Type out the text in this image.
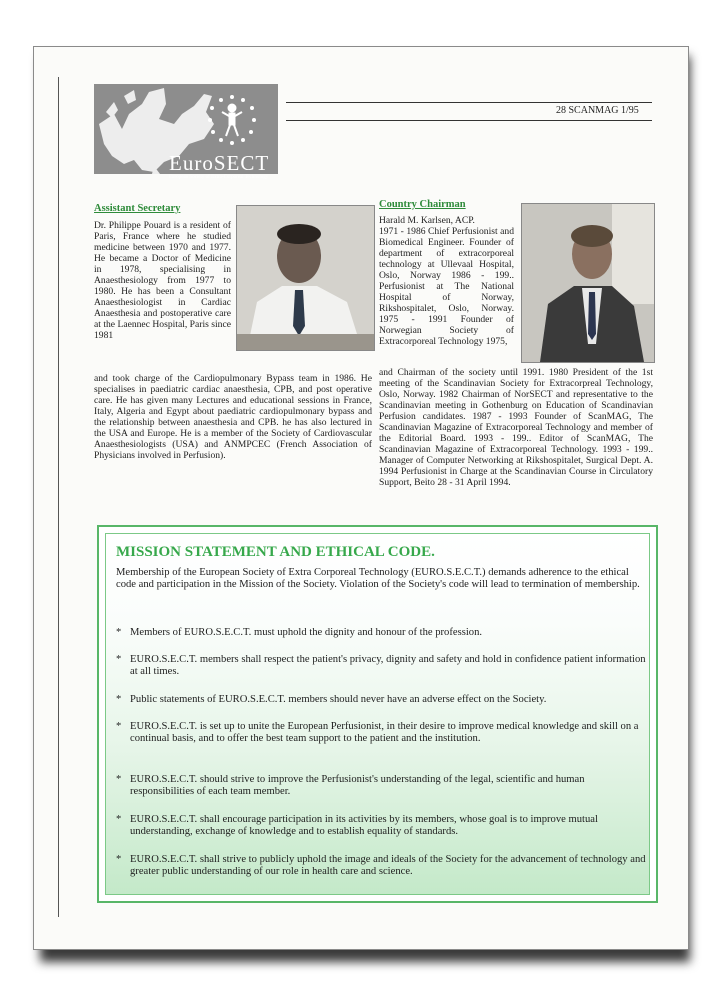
EuroSECT
European Society of Extra-Corporeal Technology
28 SCANMAG 1/95
Assistant Secretary

Dr. Philippe Pouard is a resident of Paris, France where he studied medicine between 1970 and 1977. He became a Doctor of Medicine in 1978, specialising in Anaesthesiology from 1977 to 1980. He has been a Consultant Anaesthesiologist in Cardiac Anaesthesia and postoperative care at the Laennec Hospital, Paris since 1981

and took charge of the Cardiopulmonary Bypass team in 1986. He specialises in paediatric cardiac anaesthesia, CPB, and post operative care. He has given many Lectures and educational sessions in France, Italy, Algeria and Egypt about paediatric cardiopulmonary bypass and the relationship between anaesthesia and CPB. he has also lectured in the USA and Europe. He is a member of the Society of Cardiovascular Anaesthesiologists (USA) and ANMPCEC (French Association of Physicians involved in Perfusion).

Country Chairman

Harald M. Karlsen, ACP.

1971 - 1986 Chief Perfusionist and Biomedical Engineer. Founder of department of extracorporeal technology at Ullevaal Hospital, Oslo, Norway 1986 - 199.. Perfusionist at The National Hospital of Norway, Rikshospitalet, Oslo, Norway. 1975 - 1991 Founder of Norwegian Society of Extracorporeal Technology 1975,

and Chairman of the society until 1991. 1980 President of the 1st meeting of the Scandinavian Society for Extracorpreal Technology, Oslo, Norway. 1982 Chairman of NorSECT and representative to the Scandinavian meeting in Gothenburg on Education of Scandinavian Perfusion candidates. 1987 - 1993 Founder of ScanMAG, The Scandinavian Magazine of Extracorporeal Technology and member of the Editorial Board. 1993 - 199.. Editor of ScanMAG, The Scandinavian Magazine of Extracorporeal Technology. 1993 - 199.. Manager of Computer Networking at Rikshospitalet, Surgical Dept. A. 1994 Perfusionist in Charge at the Scandinavian Course in Circulatory Support, Beito 28 - 31 April 1994.

MISSION STATEMENT AND ETHICAL CODE.
Membership of the European Society of Extra Corporeal Technology (EURO.S.E.C.T.) demands adherence to the ethical code and participation in the Mission of the Society. Violation of the Society's code will lead to termination of membership.
* Members of EURO.S.E.C.T. must uphold the dignity and honour of the profession.
* EURO.S.E.C.T. members shall respect the patient's privacy, dignity and safety and hold in confidence patient information at all times.
* Public statements of EURO.S.E.C.T. members should never have an adverse effect on the Society.
* EURO.S.E.C.T. is set up to unite the European Perfusionist, in their desire to improve medical knowledge and skill on a continual basis, and to offer the best team support to the patient and the institution.
* EURO.S.E.C.T. should strive to improve the Perfusionist's understanding of the legal, scientific and human responsibilities of each team member.
* EURO.S.E.C.T. shall encourage participation in its activities by its members, whose goal is to improve mutual understanding, exchange of knowledge and to establish equality of standards.
* EURO.S.E.C.T. shall strive to publicly uphold the image and ideals of the Society for the advancement of technology and greater public understanding of our role in health care and science.
